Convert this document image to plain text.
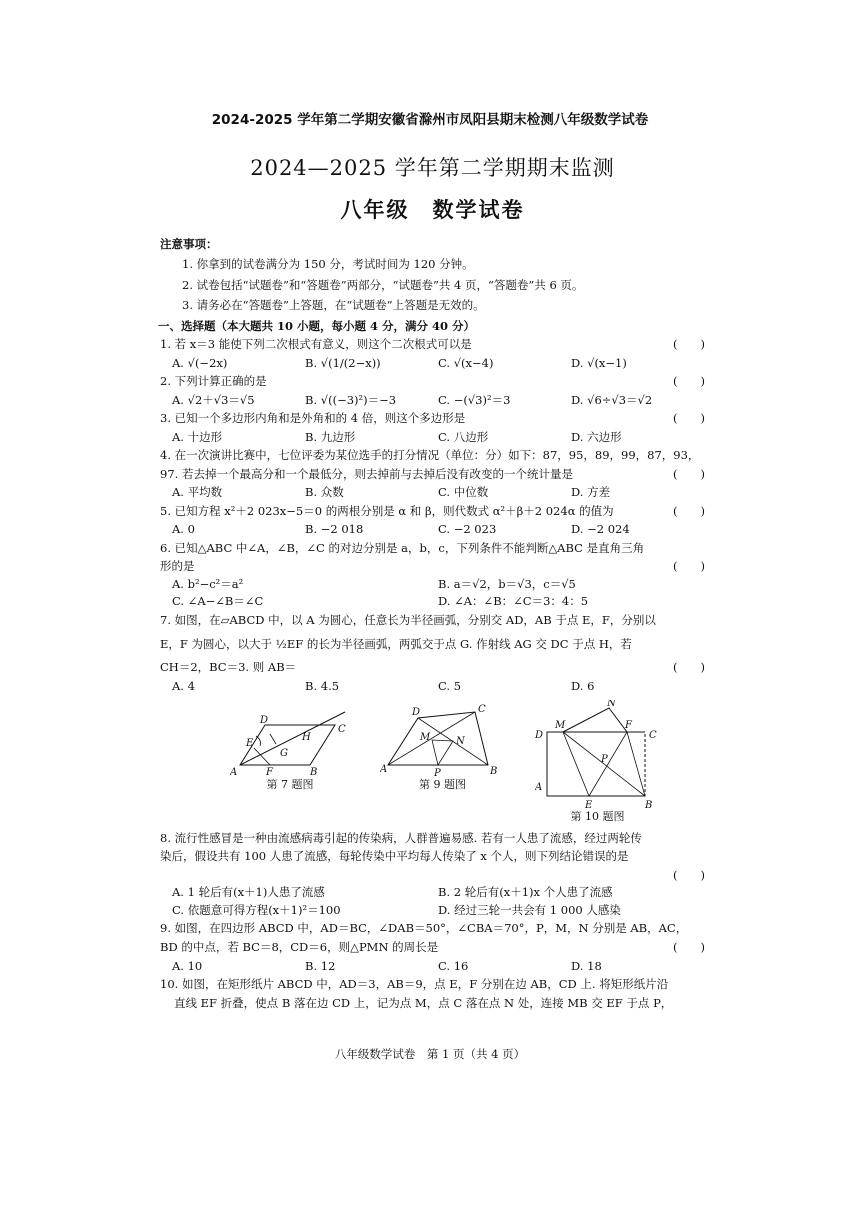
2024-2025 学年第二学期安徽省滁州市凤阳县期末检测八年级数学试卷
2024—2025 学年第二学期期末监测
八年级　数学试卷
注意事项：
1. 你拿到的试卷满分为 150 分，考试时间为 120 分钟。
2. 试卷包括“试题卷”和“答题卷”两部分，“试题卷”共 4 页，“答题卷”共 6 页。
3. 请务必在“答题卷”上答题，在“试题卷”上答题是无效的。
一、选择题（本大题共 10 小题，每小题 4 分，满分 40 分）
1. 若 x＝3 能使下列二次根式有意义，则这个二次根式可以是	(　　)
A. √(−2x)	B. √(1/(2−x))	C. √(x−4)	D. √(x−1)
2. 下列计算正确的是	(　　)
A. √2＋√3＝√5	B. √((−3)²)＝−3	C. −(√3)²＝3	D. √6÷√3＝√2
3. 已知一个多边形内角和是外角和的 4 倍，则这个多边形是	(　　)
A. 十边形	B. 九边形	C. 八边形	D. 六边形
4. 在一次演讲比赛中，七位评委为某位选手的打分情况（单位：分）如下：87，95，89，99，87，93，
97. 若去掉一个最高分和一个最低分，则去掉前与去掉后没有改变的一个统计量是	(　　)
A. 平均数	B. 众数	C. 中位数	D. 方差
5. 已知方程 x²＋2 023x−5＝0 的两根分别是 α 和 β，则代数式 α²＋β＋2 024α 的值为	(　　)
A. 0	B. −2 018	C. −2 023	D. −2 024
6. 已知△ABC 中∠A，∠B，∠C 的对边分别是 a，b，c，下列条件不能判断△ABC 是直角三角
形的是	(　　)
A. b²−c²＝a²	B. a＝√2，b＝√3，c＝√5
C. ∠A−∠B＝∠C	D. ∠A：∠B：∠C＝3：4：5
7. 如图，在▱ABCD 中，以 A 为圆心，任意长为半径画弧，分别交 AD，AB 于点 E，F，分别以
E，F 为圆心，以大于 ½EF 的长为半径画弧，两弧交于点 G. 作射线 AG 交 DC 于点 H，若
CH＝2，BC＝3. 则 AB＝	(　　)
A. 4	B. 4.5	C. 5	D. 6
A	F	B
E
D
G
H
C
第 7 题图
A	P	B
C
D
M	N
第 9 题图
D
M
N
F
C
P
A
E	B
第 10 题图
8. 流行性感冒是一种由流感病毒引起的传染病，人群普遍易感. 若有一人患了流感，经过两轮传
染后，假设共有 100 人患了流感，每轮传染中平均每人传染了 x 个人，则下列结论错误的是
(　　)
A. 1 轮后有(x＋1)人患了流感	B. 2 轮后有(x＋1)x 个人患了流感
C. 依题意可得方程(x＋1)²＝100	D. 经过三轮一共会有 1 000 人感染
9. 如图，在四边形 ABCD 中，AD＝BC，∠DAB＝50°，∠CBA＝70°，P，M，N 分别是 AB，AC，
BD 的中点，若 BC＝8，CD＝6，则△PMN 的周长是	(　　)
A. 10	B. 12	C. 16	D. 18
10. 如图，在矩形纸片 ABCD 中，AD＝3，AB＝9，点 E，F 分别在边 AB，CD 上. 将矩形纸片沿
直线 EF 折叠，使点 B 落在边 CD 上，记为点 M，点 C 落在点 N 处，连接 MB 交 EF 于点 P，
八年级数学试卷　第 1 页（共 4 页）
